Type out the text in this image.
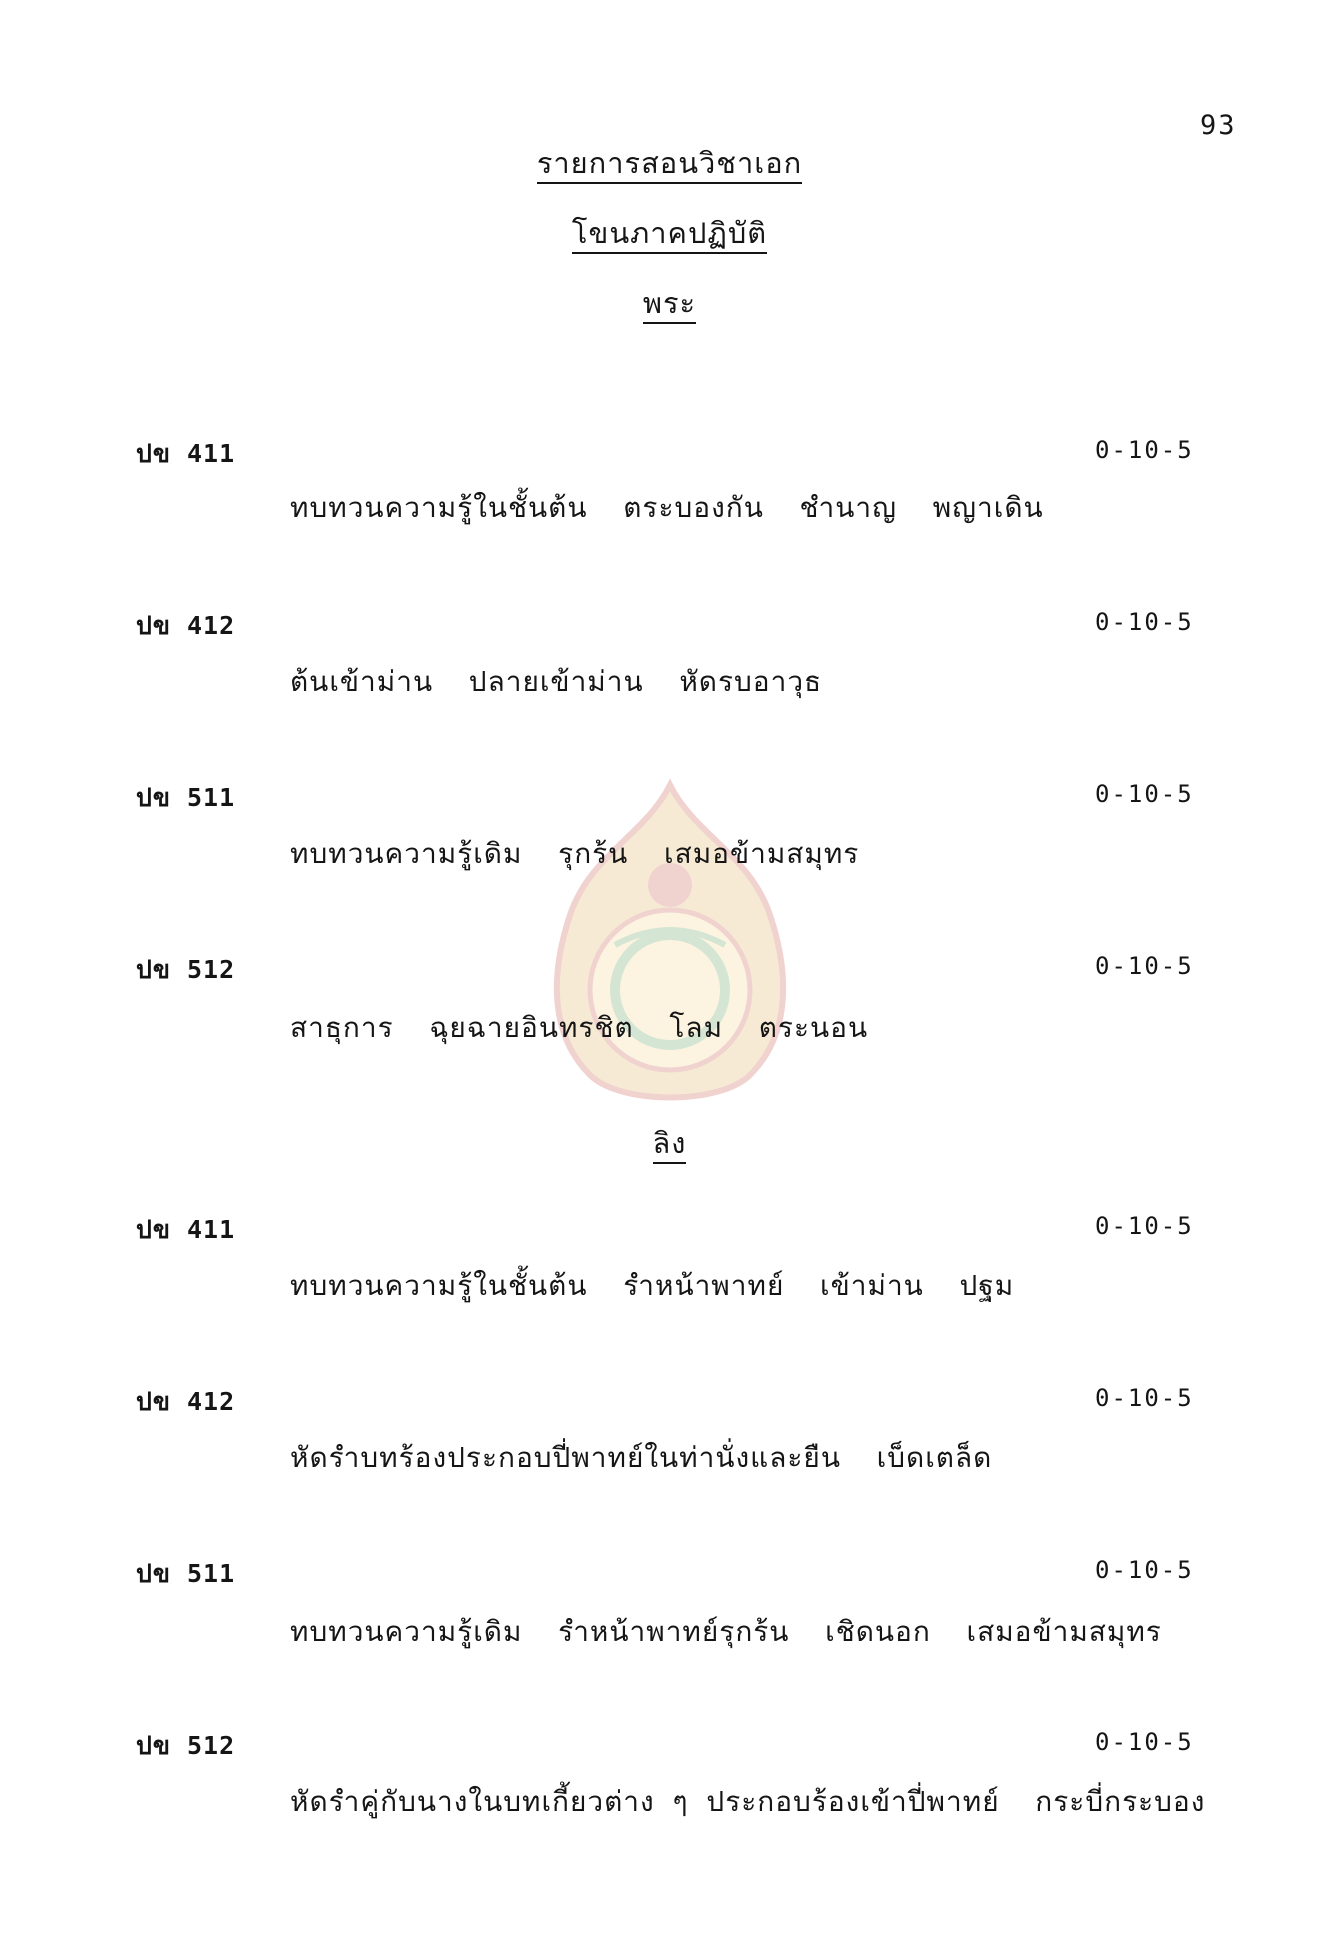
93
รายการสอนวิชาเอก
โขนภาคปฏิบัติ
พระ
ปข 411	0-10-5
ทบทวนความรู้ในชั้นต้น  ตระบองกัน  ชำนาญ  พญาเดิน
ปข 412	0-10-5
ต้นเข้าม่าน  ปลายเข้าม่าน  หัดรบอาวุธ
ปข 511	0-10-5
ทบทวนความรู้เดิม  รุกร้น  เสมอข้ามสมุทร
ปข 512	0-10-5
สาธุการ  ฉุยฉายอินทรชิต  โลม  ตระนอน
ลิง
ปข 411	0-10-5
ทบทวนความรู้ในชั้นต้น  รำหน้าพาทย์  เข้าม่าน  ปฐม
ปข 412	0-10-5
หัดรำบทร้องประกอบปี่พาทย์ในท่านั่งและยืน  เบ็ดเตล็ด
ปข 511	0-10-5
ทบทวนความรู้เดิม  รำหน้าพาทย์รุกร้น  เชิดนอก  เสมอข้ามสมุทร
ปข 512	0-10-5
หัดรำคู่กับนางในบทเกี้ยวต่าง ๆ ประกอบร้องเข้าปี่พาทย์  กระบี่กระบอง
